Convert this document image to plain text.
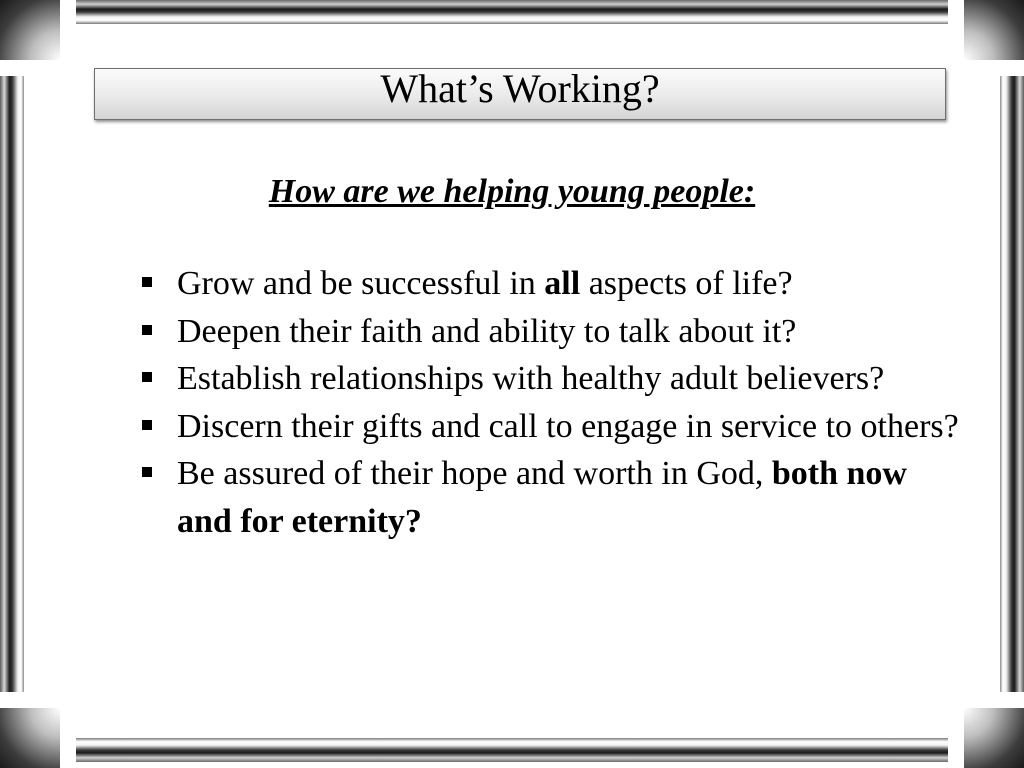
What’s Working?
How are we helping young people:
Grow and be successful in all aspects of life?
Deepen their faith and ability to talk about it?
Establish relationships with healthy adult believers?
Discern their gifts and call to engage in service to others?
Be assured of their hope and worth in God, both now and for eternity?
